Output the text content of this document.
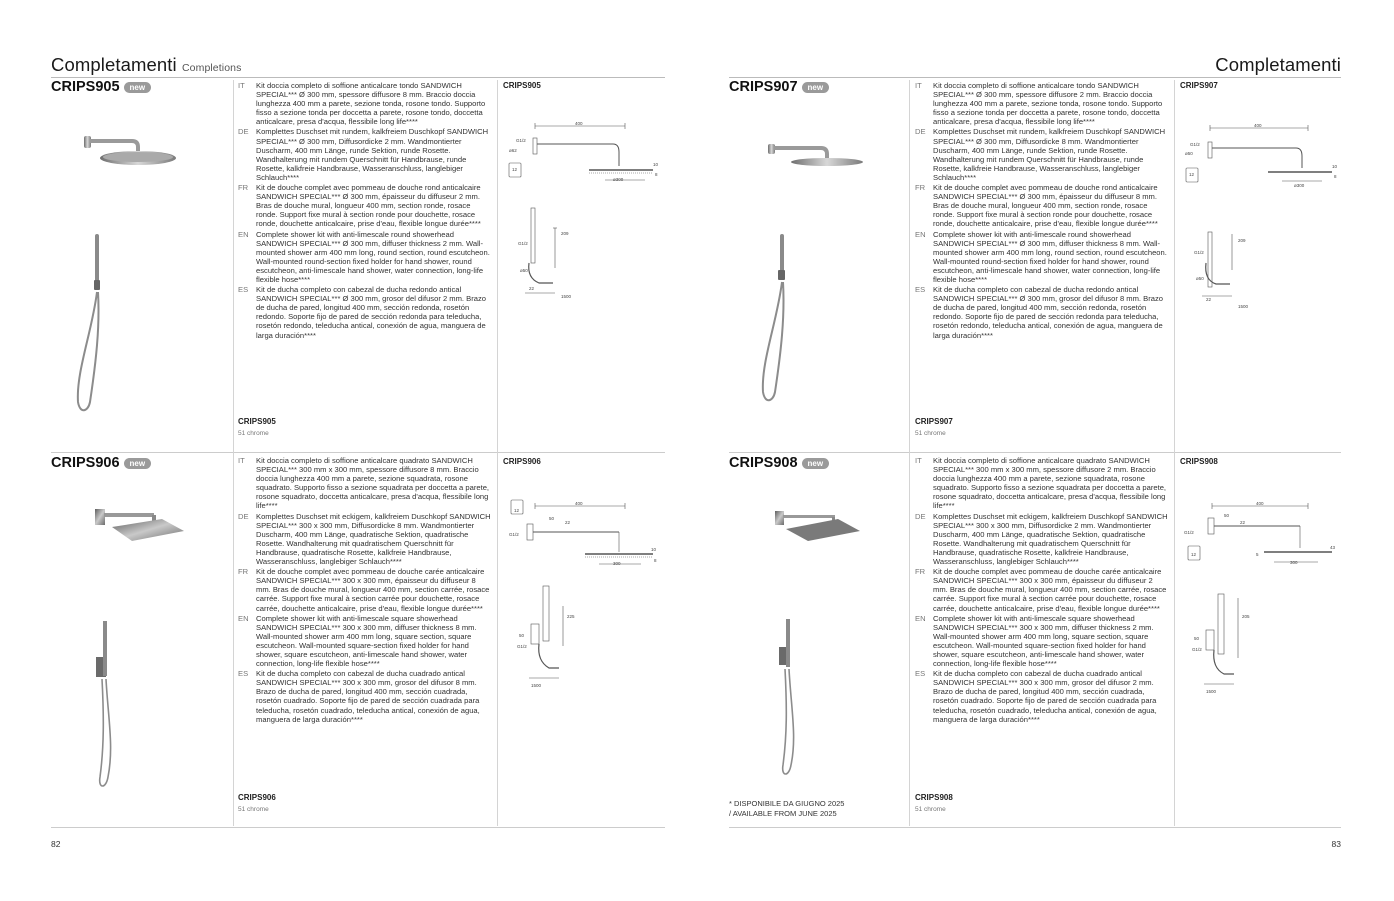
Completamenti Completions
CRIPS905	new	IT	Kit doccia completo di soffione anticalcare tondo SANDWICH SPECIAL*** Ø 300 mm, spessore diffusore 8 mm. Braccio doccia lunghezza 400 mm a parete, sezione tonda, rosone tondo. Supporto fisso a sezione tonda per doccetta a parete, rosone tondo, doccetta anticalcare, presa d'acqua, flessibile long life****
DE Komplettes Duschset mit rundem, kalkfreiem Duschkopf SANDWICH SPECIAL*** Ø 300 mm, Diffusordicke 2 mm. Wandmontierter Duscharm, 400 mm Länge, runde Sektion, runde Rosette. Wandhalterung mit rundem Querschnitt für Handbrause, runde Rosette, kalkfreie Handbrause, Wasseranschluss, langlebiger Schlauch****
FR	Kit de douche complet avec pommeau de douche rond anticalcaire SANDWICH SPECIAL*** Ø 300 mm, épaisseur du diffuseur 2 mm. Bras de douche mural, longueur 400 mm, section ronde, rosace ronde. Support fixe mural à section ronde pour douchette, rosace ronde, douchette anticalcaire, prise d'eau, flexible longue durée****
EN Complete shower kit with anti-limescale round showerhead SANDWICH SPECIAL*** Ø 300 mm, diffuser thickness 2 mm. Wall-mounted shower arm 400 mm long, round section, round escutcheon. Wall-mounted round-section fixed holder for hand shower, round escutcheon, anti-limescale hand shower, water connection, long-life flexible hose****
ES	Kit de ducha completo con cabezal de ducha redondo antical SANDWICH SPECIAL*** Ø 300 mm, grosor del difusor 2 mm. Brazo de ducha de pared, longitud 400 mm, sección redonda, rosetón redondo. Soporte fijo de pared de sección redonda para teleducha, rosetón redondo, teleducha antical, conexión de agua, manguera de larga duración****
CRIPS905
51 chrome
CRIPS905
400
G1/2
ø62
10
8
ø300
12
G1/2
ø50
209
22
1500
CRIPS906	new	IT	Kit doccia completo di soffione anticalcare quadrato SANDWICH SPECIAL*** 300 mm x 300 mm, spessore diffusore 8 mm. Braccio doccia lunghezza 400 mm a parete, sezione squadrata, rosone squadrato. Supporto fisso a sezione squadrata per doccetta a parete, rosone squadrato, doccetta anticalcare, presa d'acqua, flessibile long life****
DE Komplettes Duschset mit eckigem, kalkfreiem Duschkopf SANDWICH SPECIAL*** 300 x 300 mm, Diffusordicke 8 mm. Wandmontierter Duscharm, 400 mm Länge, quadratische Sektion, quadratische Rosette. Wandhalterung mit quadratischem Querschnitt für Handbrause, quadratische Rosette, kalkfreie Handbrause, Wasseranschluss, langlebiger Schlauch****
FR	Kit de douche complet avec pommeau de douche carée anticalcaire SANDWICH SPECIAL*** 300 x 300 mm, épaisseur du diffuseur 8 mm. Bras de douche mural, longueur 400 mm, section carrée, rosace carrée. Support fixe mural à section carrée pour douchette, rosace carrée, douchette anticalcaire, prise d'eau, flexible longue durée****
EN Complete shower kit with anti-limescale square showerhead SANDWICH SPECIAL*** 300 x 300 mm, diffuser thickness 8 mm. Wall-mounted shower arm 400 mm long, square section, square escutcheon. Wall-mounted square-section fixed holder for hand shower, square escutcheon, anti-limescale hand shower, water connection, long-life flexible hose****
ES	Kit de ducha completo con cabezal de ducha cuadrado antical SANDWICH SPECIAL*** 300 x 300 mm, grosor del difusor 8 mm. Brazo de ducha de pared, longitud 400 mm, sección cuadrada, rosetón cuadrado. Soporte fijo de pared de sección cuadrada para teleducha, rosetón cuadrado, teleducha antical, conexión de agua, manguera de larga duración****
CRIPS906
51 chrome
CRIPS906
400
G1/2
50
10
8
300
22
12
50
G1/2
225
1500
82
Completamenti
CRIPS907	new	IT	Kit doccia completo di soffione anticalcare tondo SANDWICH SPECIAL*** Ø 300 mm, spessore diffusore 2 mm. Braccio doccia lunghezza 400 mm a parete, sezione tonda, rosone tondo. Supporto fisso a sezione tonda per doccetta a parete, rosone tondo, doccetta anticalcare, presa d'acqua, flessibile long life****
DE Komplettes Duschset mit rundem, kalkfreiem Duschkopf SANDWICH SPECIAL*** Ø 300 mm, Diffusordicke 8 mm. Wandmontierter Duscharm, 400 mm Länge, runde Sektion, runde Rosette. Wandhalterung mit rundem Querschnitt für Handbrause, runde Rosette, kalkfreie Handbrause, Wasseranschluss, langlebiger Schlauch****
FR	Kit de douche complet avec pommeau de douche rond anticalcaire SANDWICH SPECIAL*** Ø 300 mm, épaisseur du diffuseur 8 mm. Bras de douche mural, longueur 400 mm, section ronde, rosace ronde. Support fixe mural à section ronde pour douchette, rosace ronde, douchette anticalcaire, prise d'eau, flexible longue durée****
EN Complete shower kit with anti-limescale round showerhead SANDWICH SPECIAL*** Ø 300 mm, diffuser thickness 8 mm. Wall-mounted shower arm 400 mm long, round section, round escutcheon. Wall-mounted round-section fixed holder for hand shower, round escutcheon, anti-limescale hand shower, water connection, long-life flexible hose****
ES	Kit de ducha completo con cabezal de ducha redondo antical SANDWICH SPECIAL*** Ø 300 mm, grosor del difusor 8 mm. Brazo de ducha de pared, longitud 400 mm, sección redonda, rosetón redondo. Soporte fijo de pared de sección redonda para teleducha, rosetón redondo, teleducha antical, conexión de agua, manguera de larga duración****
CRIPS907
51 chrome
CRIPS907
400
G1/2
ø50
10
8
ø300
12
G1/2
ø50
209
22
1500
CRIPS908	new
* DISPONIBILE DA GIUGNO 2025
/ AVAILABLE FROM JUNE 2025
IT	Kit doccia completo di soffione anticalcare quadrato SANDWICH SPECIAL*** 300 mm x 300 mm, spessore diffusore 2 mm. Braccio doccia lunghezza 400 mm a parete, sezione squadrata, rosone squadrato. Supporto fisso a sezione squadrata per doccetta a parete, rosone squadrato, doccetta anticalcare, presa d'acqua, flessibile long life****
DE Komplettes Duschset mit eckigem, kalkfreiem Duschkopf SANDWICH SPECIAL*** 300 x 300 mm, Diffusordicke 2 mm. Wandmontierter Duscharm, 400 mm Länge, quadratische Sektion, quadratische Rosette. Wandhalterung mit quadratischem Querschnitt für Handbrause, quadratische Rosette, kalkfreie Handbrause, Wasseranschluss, langlebiger Schlauch****
FR	Kit de douche complet avec pommeau de douche carée anticalcaire SANDWICH SPECIAL*** 300 x 300 mm, épaisseur du diffuseur 2 mm. Bras de douche mural, longueur 400 mm, section carrée, rosace carrée. Support fixe mural à section carrée pour douchette, rosace carrée, douchette anticalcaire, prise d'eau, flexible longue durée****
EN Complete shower kit with anti-limescale square showerhead SANDWICH SPECIAL*** 300 x 300 mm, diffuser thickness 2 mm. Wall-mounted shower arm 400 mm long, square section, square escutcheon. Wall-mounted square-section fixed holder for hand shower, square escutcheon, anti-limescale hand shower, water connection, long-life flexible hose****
ES	Kit de ducha completo con cabezal de ducha cuadrado antical SANDWICH SPECIAL*** 300 x 300 mm, grosor del difusor 2 mm. Brazo de ducha de pared, longitud 400 mm, sección cuadrada, rosetón cuadrado. Soporte fijo de pared de sección cuadrada para teleducha, rosetón cuadrado, teleducha antical, conexión de agua, manguera de larga duración****
CRIPS908
51 chrome
CRIPS908
400
G1/2
50
43
5
300
22
12
50
G1/2
205
1500
83
